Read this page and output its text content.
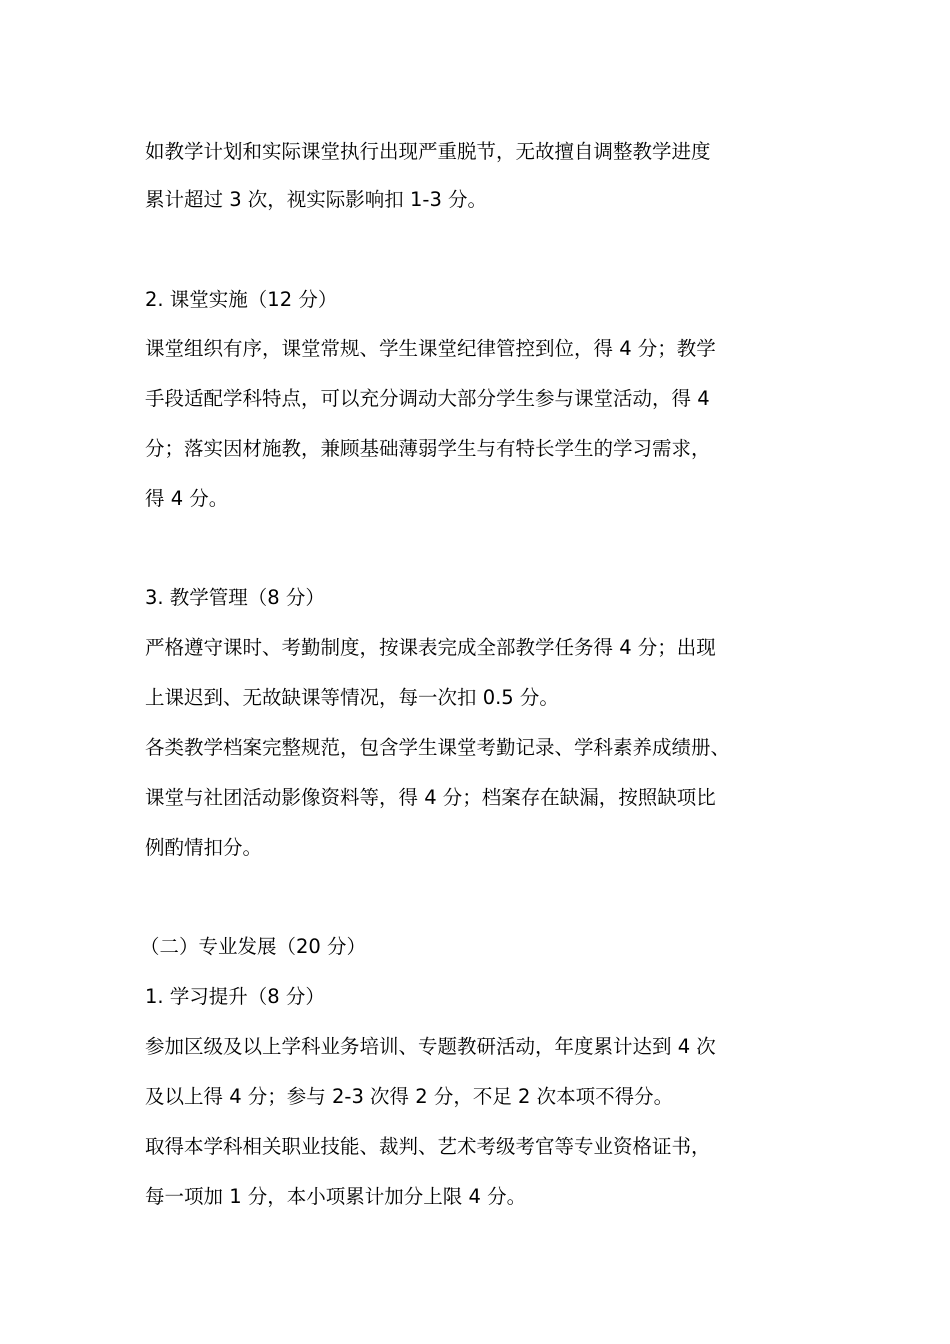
如教学计划和实际课堂执行出现严重脱节，无故擅自调整教学进度
累计超过 3 次，视实际影响扣 1-3 分。
2. 课堂实施（12 分）
课堂组织有序，课堂常规、学生课堂纪律管控到位，得 4 分；教学
手段适配学科特点，可以充分调动大部分学生参与课堂活动，得 4
分；落实因材施教，兼顾基础薄弱学生与有特长学生的学习需求，
得 4 分。
3. 教学管理（8 分）
严格遵守课时、考勤制度，按课表完成全部教学任务得 4 分；出现
上课迟到、无故缺课等情况，每一次扣 0.5 分。
各类教学档案完整规范，包含学生课堂考勤记录、学科素养成绩册、
课堂与社团活动影像资料等，得 4 分；档案存在缺漏，按照缺项比
例酌情扣分。
（二）专业发展（20 分）
1. 学习提升（8 分）
参加区级及以上学科业务培训、专题教研活动，年度累计达到 4 次
及以上得 4 分；参与 2-3 次得 2 分，不足 2 次本项不得分。
取得本学科相关职业技能、裁判、艺术考级考官等专业资格证书，
每一项加 1 分，本小项累计加分上限 4 分。
